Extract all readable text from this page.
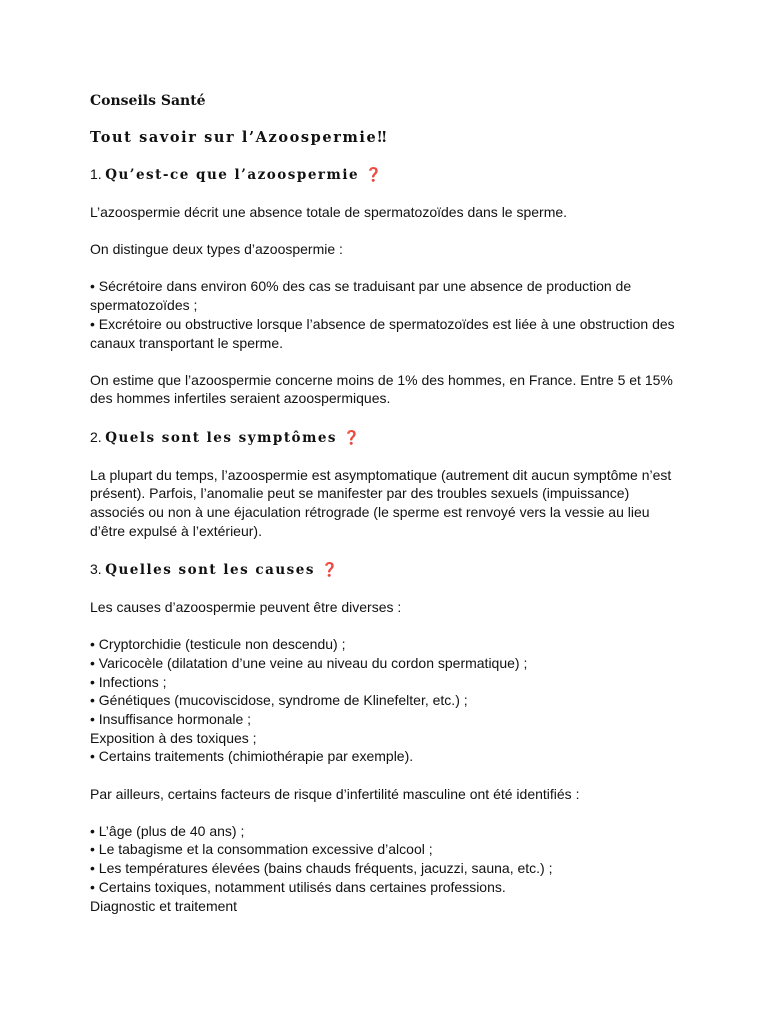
Conseils Santé
Tout savoir sur l’Azoospermie‼
1. Qu’est-ce que l’azoospermie ❓
L’azoospermie décrit une absence totale de spermatozoïdes dans le sperme.
On distingue deux types d’azoospermie :
• Sécrétoire dans environ 60% des cas se traduisant par une absence de production de spermatozoïdes ;
• Excrétoire ou obstructive lorsque l’absence de spermatozoïdes est liée à une obstruction des canaux transportant le sperme.
On estime que l’azoospermie concerne moins de 1% des hommes, en France. Entre 5 et 15% des hommes infertiles seraient azoospermiques.
2. Quels sont les symptômes ❓
La plupart du temps, l’azoospermie est asymptomatique (autrement dit aucun symptôme n’est présent). Parfois, l’anomalie peut se manifester par des troubles sexuels (impuissance) associés ou non à une éjaculation rétrograde (le sperme est renvoyé vers la vessie au lieu d’être expulsé à l’extérieur).
3. Quelles sont les causes ❓
Les causes d’azoospermie peuvent être diverses :
• Cryptorchidie (testicule non descendu) ;
• Varicocèle (dilatation d’une veine au niveau du cordon spermatique) ;
• Infections ;
• Génétiques (mucoviscidose, syndrome de Klinefelter, etc.) ;
• Insuffisance hormonale ;
Exposition à des toxiques ;
• Certains traitements (chimiothérapie par exemple).
Par ailleurs, certains facteurs de risque d’infertilité masculine ont été identifiés :
• L’âge (plus de 40 ans) ;
• Le tabagisme et la consommation excessive d’alcool ;
• Les températures élevées (bains chauds fréquents, jacuzzi, sauna, etc.) ;
• Certains toxiques, notamment utilisés dans certaines professions.
Diagnostic et traitement
